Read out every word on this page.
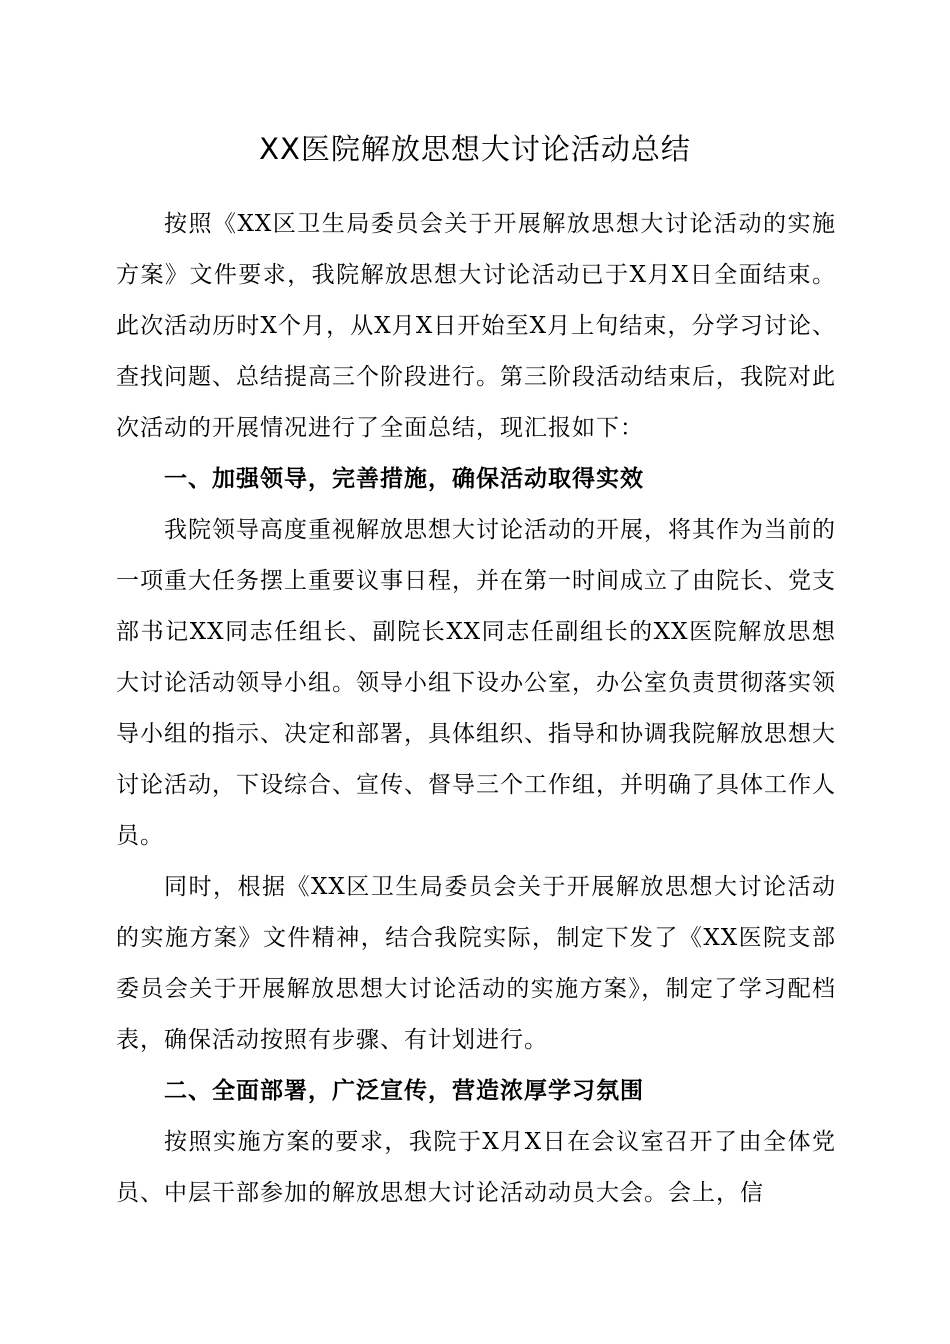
XX医院解放思想大讨论活动总结

按照《XX区卫生局委员会关于开展解放思想大讨论活动的实施方案》文件要求，我院解放思想大讨论活动已于X月X日全面结束。此次活动历时X个月，从X月X日开始至X月上旬结束，分学习讨论、查找问题、总结提高三个阶段进行。第三阶段活动结束后，我院对此次活动的开展情况进行了全面总结，现汇报如下：

一、加强领导，完善措施，确保活动取得实效

我院领导高度重视解放思想大讨论活动的开展，将其作为当前的一项重大任务摆上重要议事日程，并在第一时间成立了由院长、党支部书记XX同志任组长、副院长XX同志任副组长的XX医院解放思想大讨论活动领导小组。领导小组下设办公室，办公室负责贯彻落实领导小组的指示、决定和部署，具体组织、指导和协调我院解放思想大讨论活动，下设综合、宣传、督导三个工作组，并明确了具体工作人员。

同时，根据《XX区卫生局委员会关于开展解放思想大讨论活动的实施方案》文件精神，结合我院实际，制定下发了《XX医院支部委员会关于开展解放思想大讨论活动的实施方案》，制定了学习配档表，确保活动按照有步骤、有计划进行。

二、全面部署，广泛宣传，营造浓厚学习氛围

按照实施方案的要求，我院于X月X日在会议室召开了由全体党员、中层干部参加的解放思想大讨论活动动员大会。会上，信
